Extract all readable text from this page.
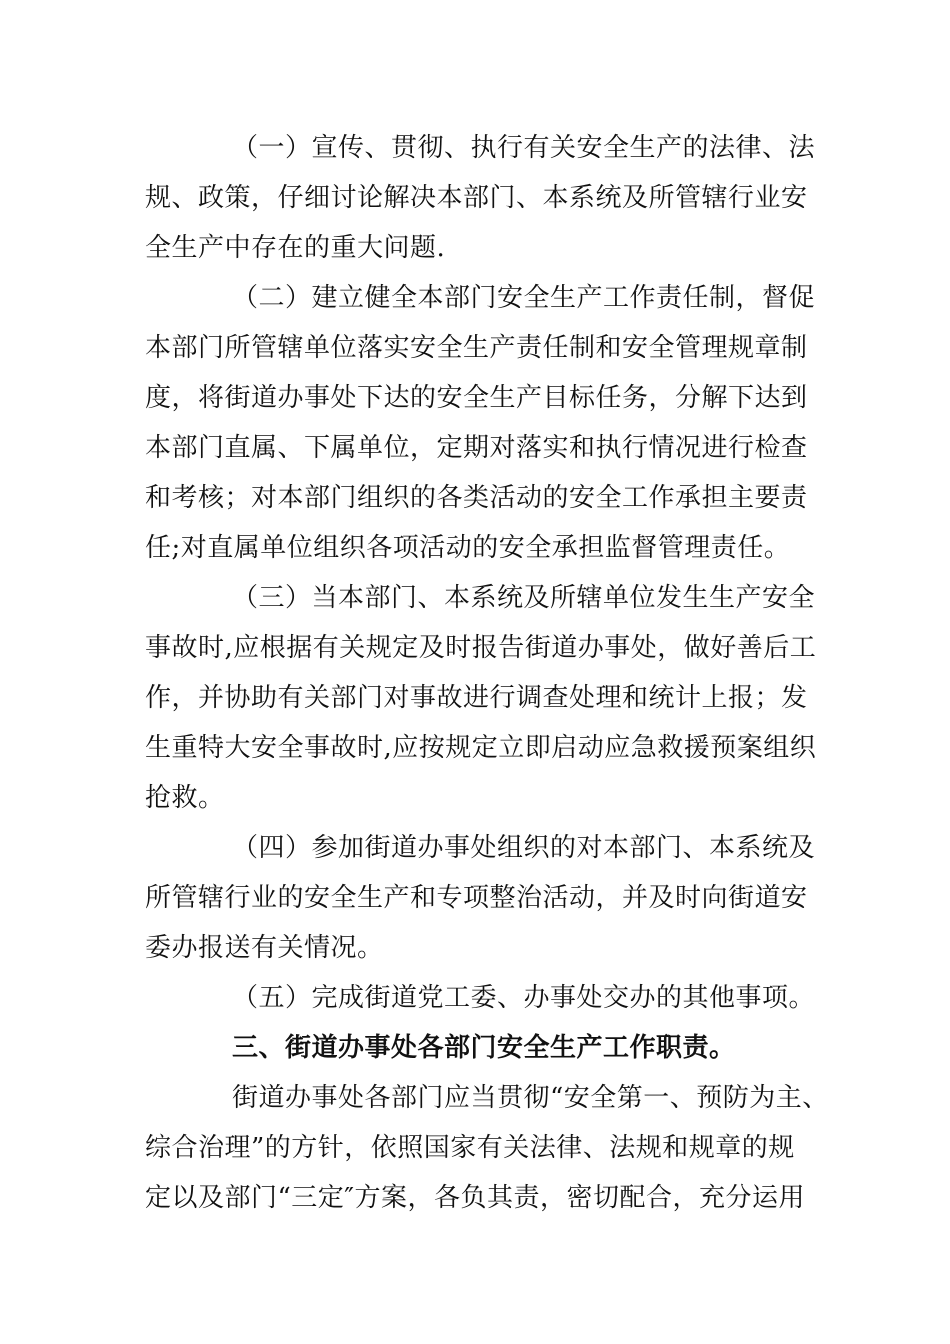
（一）宣传、贯彻、执行有关安全生产的法律、法
规、政策，仔细讨论解决本部门、本系统及所管辖行业安
全生产中存在的重大问题.
（二）建立健全本部门安全生产工作责任制，督促
本部门所管辖单位落实安全生产责任制和安全管理规章制
度，将街道办事处下达的安全生产目标任务，分解下达到
本部门直属、下属单位，定期对落实和执行情况进行检查
和考核；对本部门组织的各类活动的安全工作承担主要责
任;对直属单位组织各项活动的安全承担监督管理责任。
（三）当本部门、本系统及所辖单位发生生产安全
事故时,应根据有关规定及时报告街道办事处，做好善后工
作，并协助有关部门对事故进行调查处理和统计上报；发
生重特大安全事故时,应按规定立即启动应急救援预案组织
抢救。
（四）参加街道办事处组织的对本部门、本系统及
所管辖行业的安全生产和专项整治活动，并及时向街道安
委办报送有关情况。
（五）完成街道党工委、办事处交办的其他事项。
三、街道办事处各部门安全生产工作职责。
街道办事处各部门应当贯彻“安全第一、预防为主、
综合治理”的方针，依照国家有关法律、法规和规章的规
定以及部门“三定″方案，各负其责，密切配合，充分运用
